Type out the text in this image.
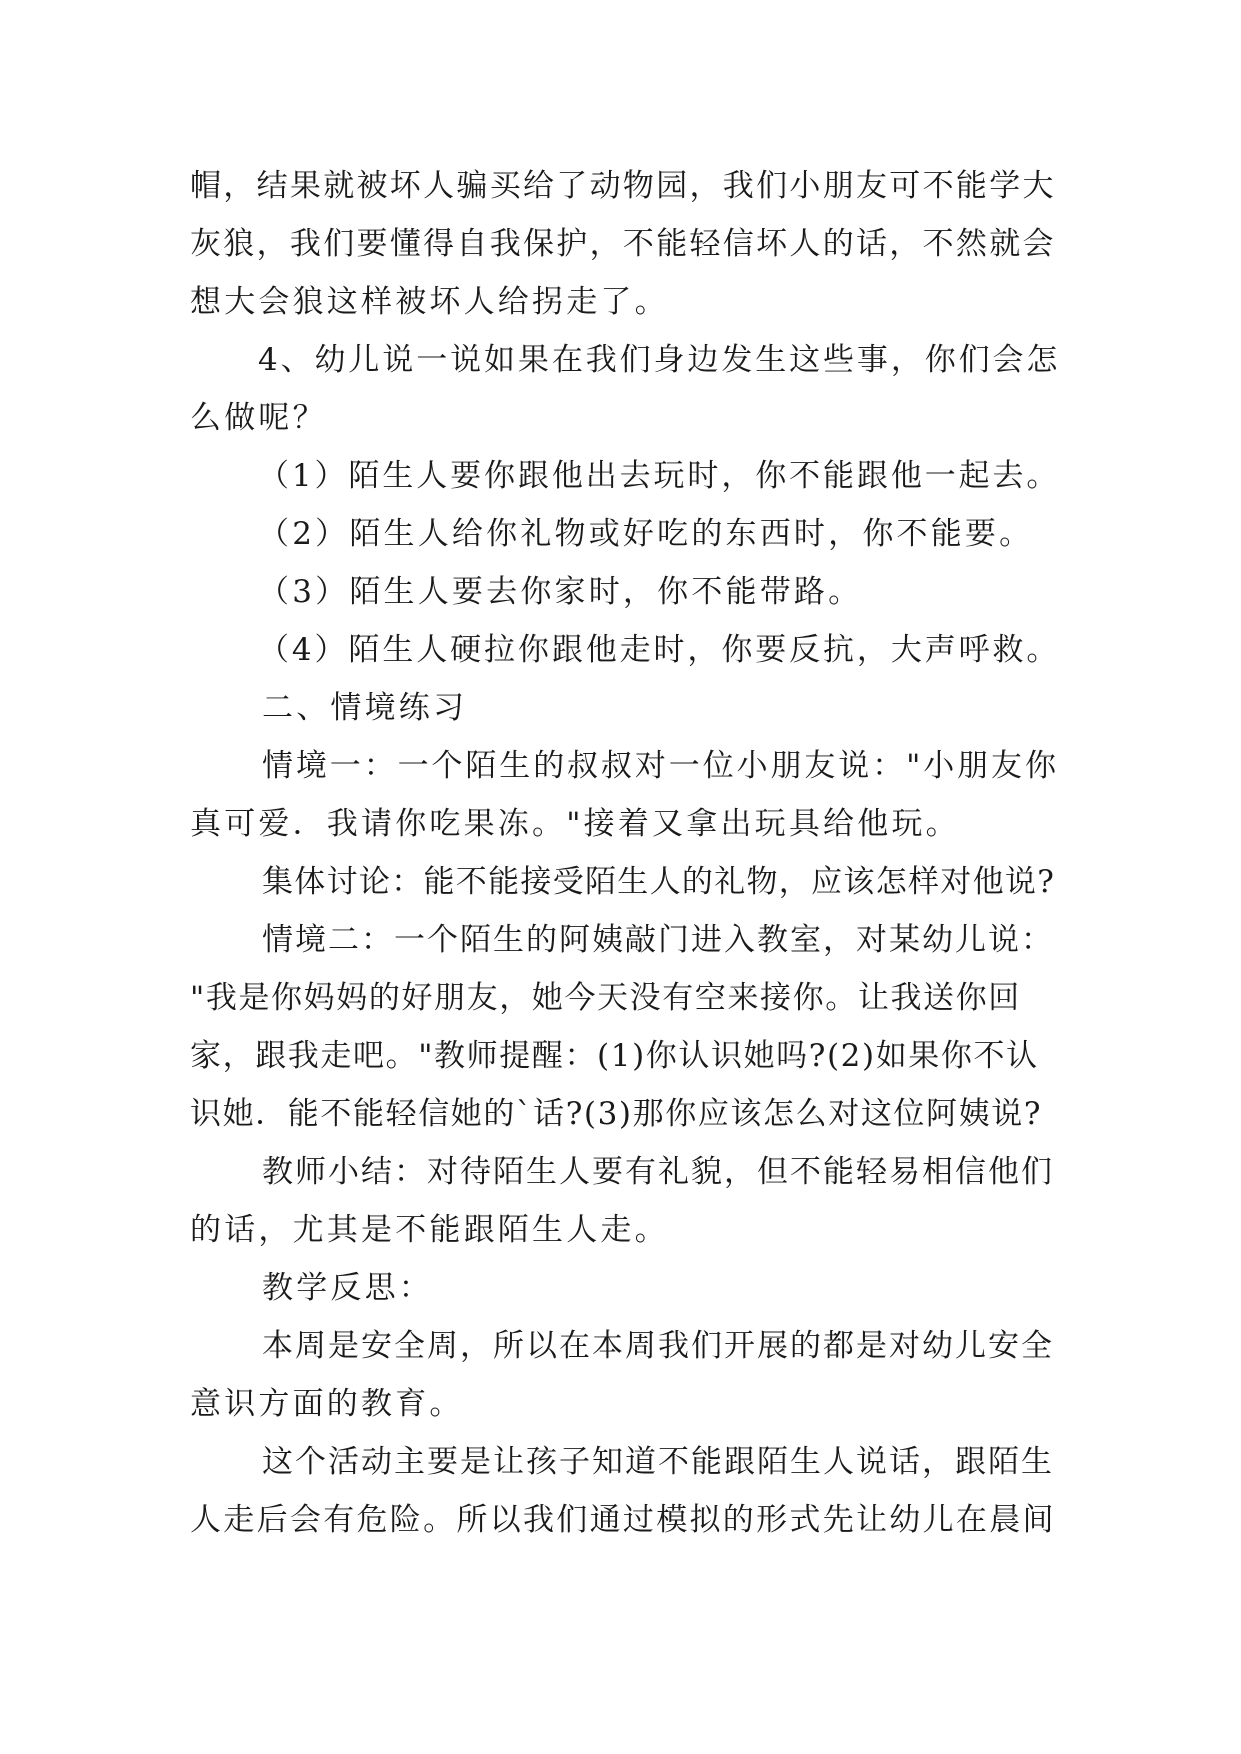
帽，结果就被坏人骗买给了动物园，我们小朋友可不能学大
灰狼，我们要懂得自我保护，不能轻信坏人的话，不然就会
想大会狼这样被坏人给拐走了。
4、幼儿说一说如果在我们身边发生这些事，你们会怎
么做呢？
（1）陌生人要你跟他出去玩时，你不能跟他一起去。
（2）陌生人给你礼物或好吃的东西时，你不能要。
（3）陌生人要去你家时，你不能带路。
（4）陌生人硬拉你跟他走时，你要反抗，大声呼救。
二、情境练习
情境一：一个陌生的叔叔对一位小朋友说："小朋友你
真可爱．我请你吃果冻。"接着又拿出玩具给他玩。
集体讨论：能不能接受陌生人的礼物，应该怎样对他说?
情境二：一个陌生的阿姨敲门进入教室，对某幼儿说：
"我是你妈妈的好朋友，她今天没有空来接你。让我送你回
家，跟我走吧。"教师提醒：(1)你认识她吗?(2)如果你不认
识她．能不能轻信她的`话?(3)那你应该怎么对这位阿姨说?
教师小结：对待陌生人要有礼貌，但不能轻易相信他们
的话，尤其是不能跟陌生人走。
教学反思：
本周是安全周，所以在本周我们开展的都是对幼儿安全
意识方面的教育。
这个活动主要是让孩子知道不能跟陌生人说话，跟陌生
人走后会有危险。所以我们通过模拟的形式先让幼儿在晨间
